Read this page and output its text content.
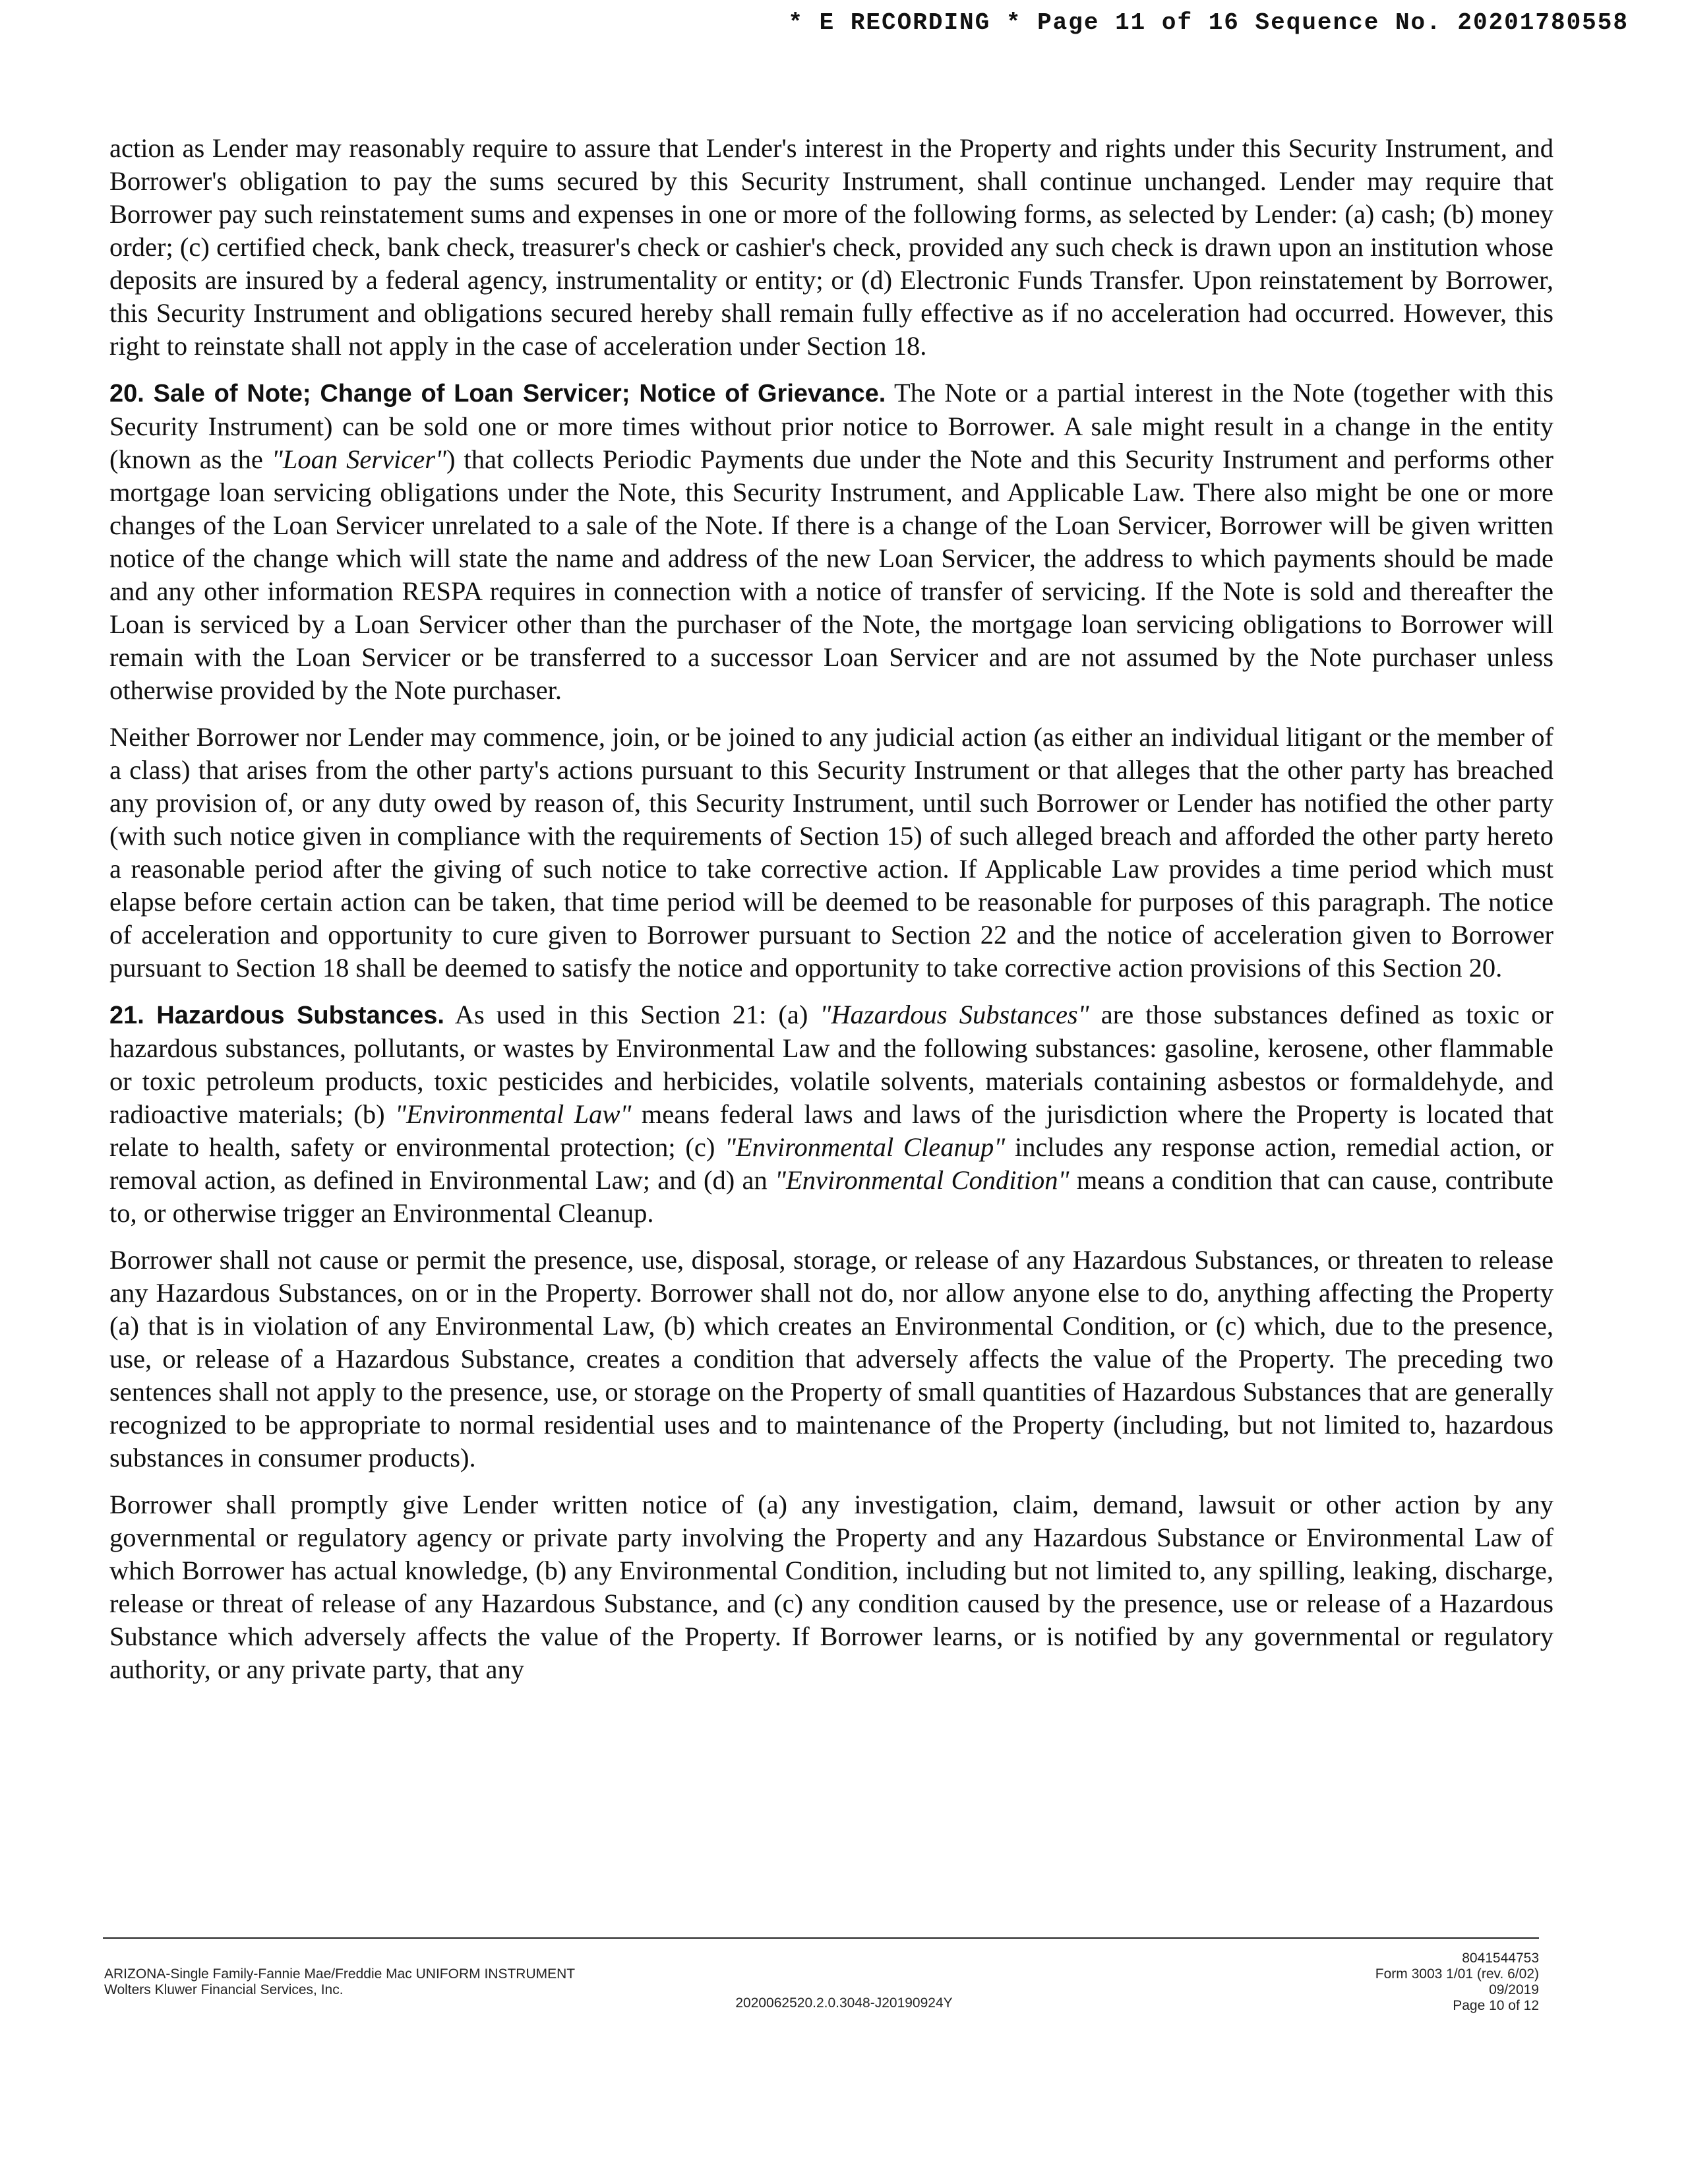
* E RECORDING * Page 11 of 16 Sequence No. 20201780558

action as Lender may reasonably require to assure that Lender's interest in the Property and rights under this Security Instrument, and Borrower's obligation to pay the sums secured by this Security Instrument, shall continue unchanged. Lender may require that Borrower pay such reinstatement sums and expenses in one or more of the following forms, as selected by Lender: (a) cash; (b) money order; (c) certified check, bank check, treasurer's check or cashier's check, provided any such check is drawn upon an institution whose deposits are insured by a federal agency, instrumentality or entity; or (d) Electronic Funds Transfer. Upon reinstatement by Borrower, this Security Instrument and obligations secured hereby shall remain fully effective as if no acceleration had occurred. However, this right to reinstate shall not apply in the case of acceleration under Section 18.

20. Sale of Note; Change of Loan Servicer; Notice of Grievance. The Note or a partial interest in the Note (together with this Security Instrument) can be sold one or more times without prior notice to Borrower. A sale might result in a change in the entity (known as the "Loan Servicer") that collects Periodic Payments due under the Note and this Security Instrument and performs other mortgage loan servicing obligations under the Note, this Security Instrument, and Applicable Law. There also might be one or more changes of the Loan Servicer unrelated to a sale of the Note. If there is a change of the Loan Servicer, Borrower will be given written notice of the change which will state the name and address of the new Loan Servicer, the address to which payments should be made and any other information RESPA requires in connection with a notice of transfer of servicing. If the Note is sold and thereafter the Loan is serviced by a Loan Servicer other than the purchaser of the Note, the mortgage loan servicing obligations to Borrower will remain with the Loan Servicer or be transferred to a successor Loan Servicer and are not assumed by the Note purchaser unless otherwise provided by the Note purchaser.

Neither Borrower nor Lender may commence, join, or be joined to any judicial action (as either an individual litigant or the member of a class) that arises from the other party's actions pursuant to this Security Instrument or that alleges that the other party has breached any provision of, or any duty owed by reason of, this Security Instrument, until such Borrower or Lender has notified the other party (with such notice given in compliance with the requirements of Section 15) of such alleged breach and afforded the other party hereto a reasonable period after the giving of such notice to take corrective action. If Applicable Law provides a time period which must elapse before certain action can be taken, that time period will be deemed to be reasonable for purposes of this paragraph. The notice of acceleration and opportunity to cure given to Borrower pursuant to Section 22 and the notice of acceleration given to Borrower pursuant to Section 18 shall be deemed to satisfy the notice and opportunity to take corrective action provisions of this Section 20.

21. Hazardous Substances. As used in this Section 21: (a) "Hazardous Substances" are those substances defined as toxic or hazardous substances, pollutants, or wastes by Environmental Law and the following substances: gasoline, kerosene, other flammable or toxic petroleum products, toxic pesticides and herbicides, volatile solvents, materials containing asbestos or formaldehyde, and radioactive materials; (b) "Environmental Law" means federal laws and laws of the jurisdiction where the Property is located that relate to health, safety or environmental protection; (c) "Environmental Cleanup" includes any response action, remedial action, or removal action, as defined in Environmental Law; and (d) an "Environmental Condition" means a condition that can cause, contribute to, or otherwise trigger an Environmental Cleanup.

Borrower shall not cause or permit the presence, use, disposal, storage, or release of any Hazardous Substances, or threaten to release any Hazardous Substances, on or in the Property. Borrower shall not do, nor allow anyone else to do, anything affecting the Property (a) that is in violation of any Environmental Law, (b) which creates an Environmental Condition, or (c) which, due to the presence, use, or release of a Hazardous Substance, creates a condition that adversely affects the value of the Property. The preceding two sentences shall not apply to the presence, use, or storage on the Property of small quantities of Hazardous Substances that are generally recognized to be appropriate to normal residential uses and to maintenance of the Property (including, but not limited to, hazardous substances in consumer products).

Borrower shall promptly give Lender written notice of (a) any investigation, claim, demand, lawsuit or other action by any governmental or regulatory agency or private party involving the Property and any Hazardous Substance or Environmental Law of which Borrower has actual knowledge, (b) any Environmental Condition, including but not limited to, any spilling, leaking, discharge, release or threat of release of any Hazardous Substance, and (c) any condition caused by the presence, use or release of a Hazardous Substance which adversely affects the value of the Property. If Borrower learns, or is notified by any governmental or regulatory authority, or any private party, that any

ARIZONA-Single Family-Fannie Mae/Freddie Mac UNIFORM INSTRUMENT
Wolters Kluwer Financial Services, Inc.
2020062520.2.0.3048-J20190924Y
8041544753
Form 3003 1/01 (rev. 6/02)
09/2019
Page 10 of 12
